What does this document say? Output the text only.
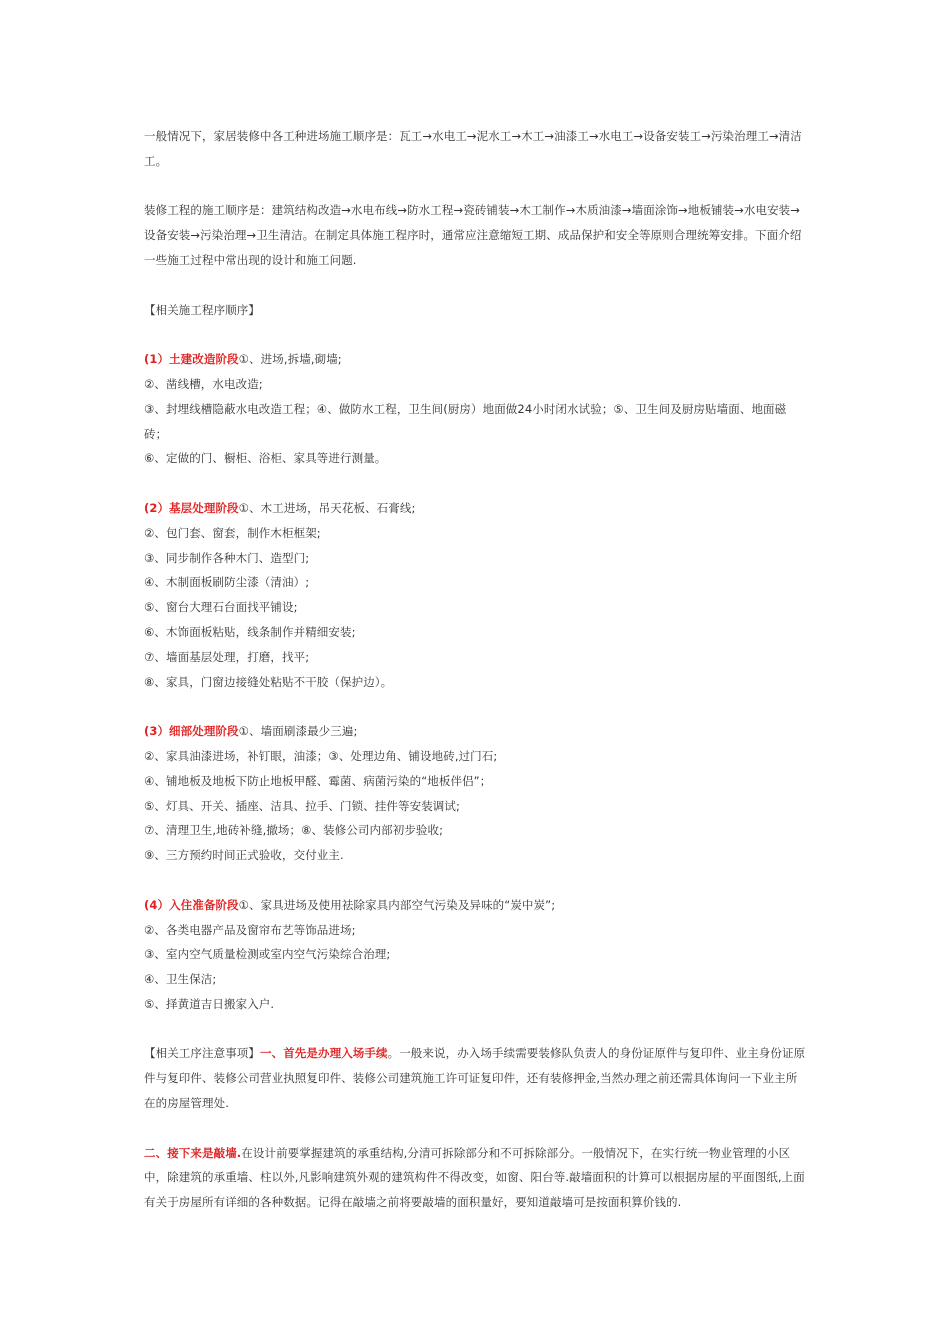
一般情况下，家居装修中各工种进场施工顺序是：瓦工→水电工→泥水工→木工→油漆工→水电工→设备安装工→污染治理工→清洁工。

装修工程的施工顺序是：建筑结构改造→水电布线→防水工程→瓷砖铺装→木工制作→木质油漆→墙面涂饰→地板铺装→水电安装→设备安装→污染治理→卫生清洁。在制定具体施工程序时，通常应注意缩短工期、成品保护和安全等原则合理统筹安排。下面介绍一些施工过程中常出现的设计和施工问题.

【相关施工程序顺序】

(1）土建改造阶段①、进场,拆墙,砌墙;

②、凿线槽，水电改造;

③、封埋线槽隐蔽水电改造工程；④、做防水工程，卫生间(厨房）地面做24小时闭水试验；⑤、卫生间及厨房贴墙面、地面磁砖；

⑥、定做的门、橱柜、浴柜、家具等进行测量。

(2）基层处理阶段①、木工进场，吊天花板、石膏线;

②、包门套、窗套，制作木柜框架;

③、同步制作各种木门、造型门;

④、木制面板刷防尘漆（清油）;

⑤、窗台大理石台面找平铺设;

⑥、木饰面板粘贴，线条制作并精细安装;

⑦、墙面基层处理，打磨，找平;

⑧、家具，门窗边接缝处粘贴不干胶（保护边）。

(3）细部处理阶段①、墙面刷漆最少三遍;

②、家具油漆进场，补钉眼，油漆；③、处理边角、铺设地砖,过门石;

④、铺地板及地板下防止地板甲醛、霉菌、病菌污染的“地板伴侣”；

⑤、灯具、开关、插座、洁具、拉手、门锁、挂件等安装调试;

⑦、清理卫生,地砖补缝,撤场；⑧、装修公司内部初步验收;

⑨、三方预约时间正式验收，交付业主.

(4）入住准备阶段①、家具进场及使用祛除家具内部空气污染及异味的“炭中炭”;

②、各类电器产品及窗帘布艺等饰品进场;

③、室内空气质量检测或室内空气污染综合治理;

④、卫生保洁;

⑤、择黄道吉日搬家入户.

【相关工序注意事项】一、首先是办理入场手续。一般来说，办入场手续需要装修队负责人的身份证原件与复印件、业主身份证原件与复印件、装修公司营业执照复印件、装修公司建筑施工许可证复印件，还有装修押金,当然办理之前还需具体询问一下业主所在的房屋管理处.

二、接下来是敲墙.在设计前要掌握建筑的承重结构,分清可拆除部分和不可拆除部分。一般情况下，在实行统一物业管理的小区中，除建筑的承重墙、柱以外,凡影响建筑外观的建筑构件不得改变，如窗、阳台等.敲墙面积的计算可以根据房屋的平面图纸,上面有关于房屋所有详细的各种数据。记得在敲墙之前将要敲墙的面积量好，要知道敲墙可是按面积算价钱的.
